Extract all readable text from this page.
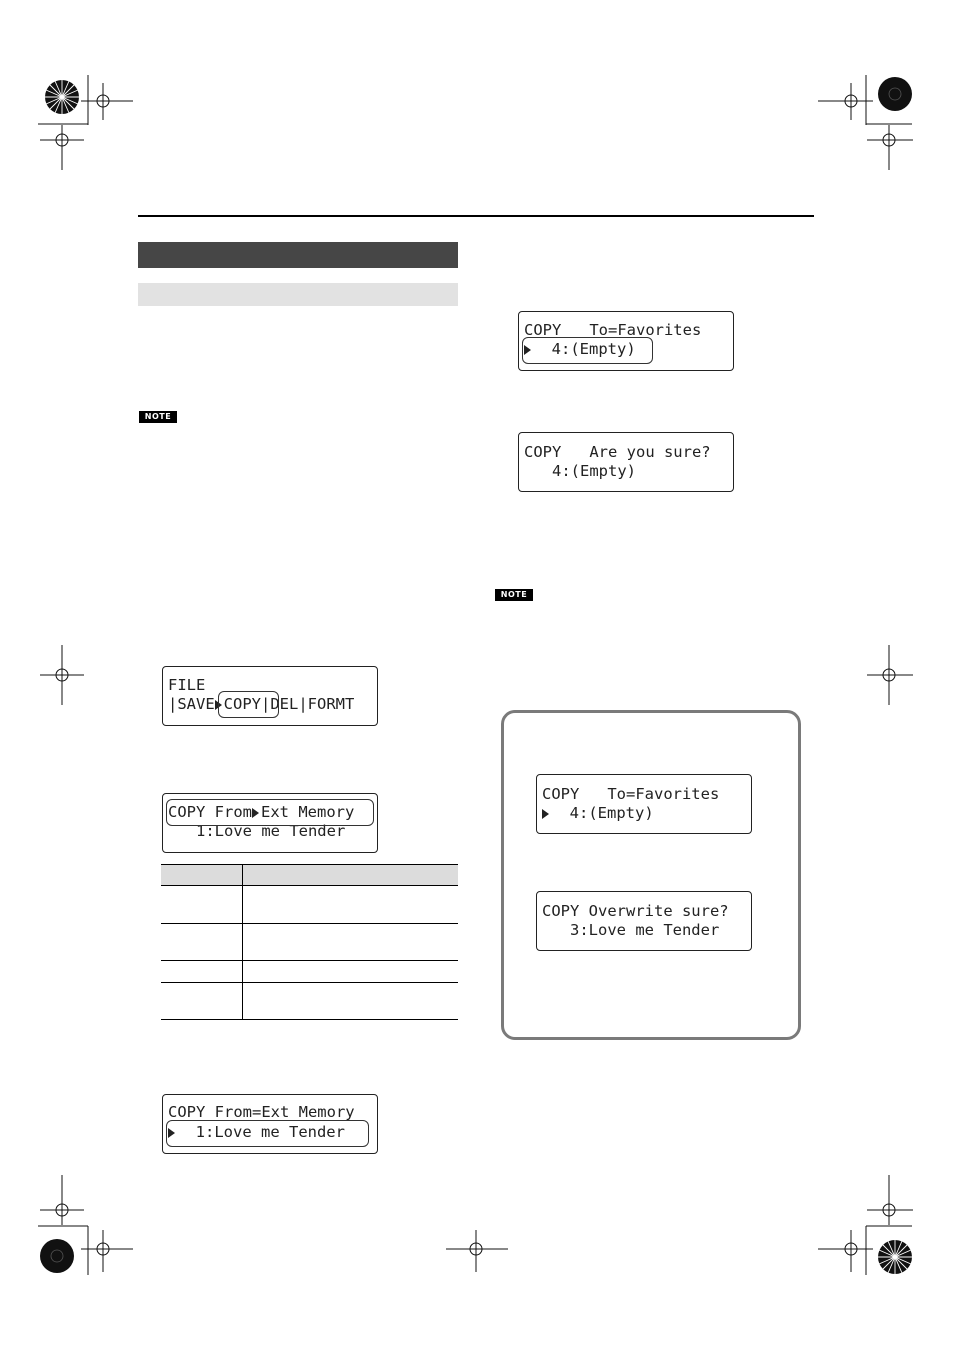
NOTE
NOTE
FILE
|SAVE COPY|DEL|FORMT
COPY From Ext Memory
1:Love me Tender
COPY From=Ext Memory
1:Love me Tender
COPY   To=Favorites
4:(Empty)
COPY   Are you sure?
4:(Empty)
COPY   To=Favorites
4:(Empty)
COPY Overwrite sure?
3:Love me Tender
